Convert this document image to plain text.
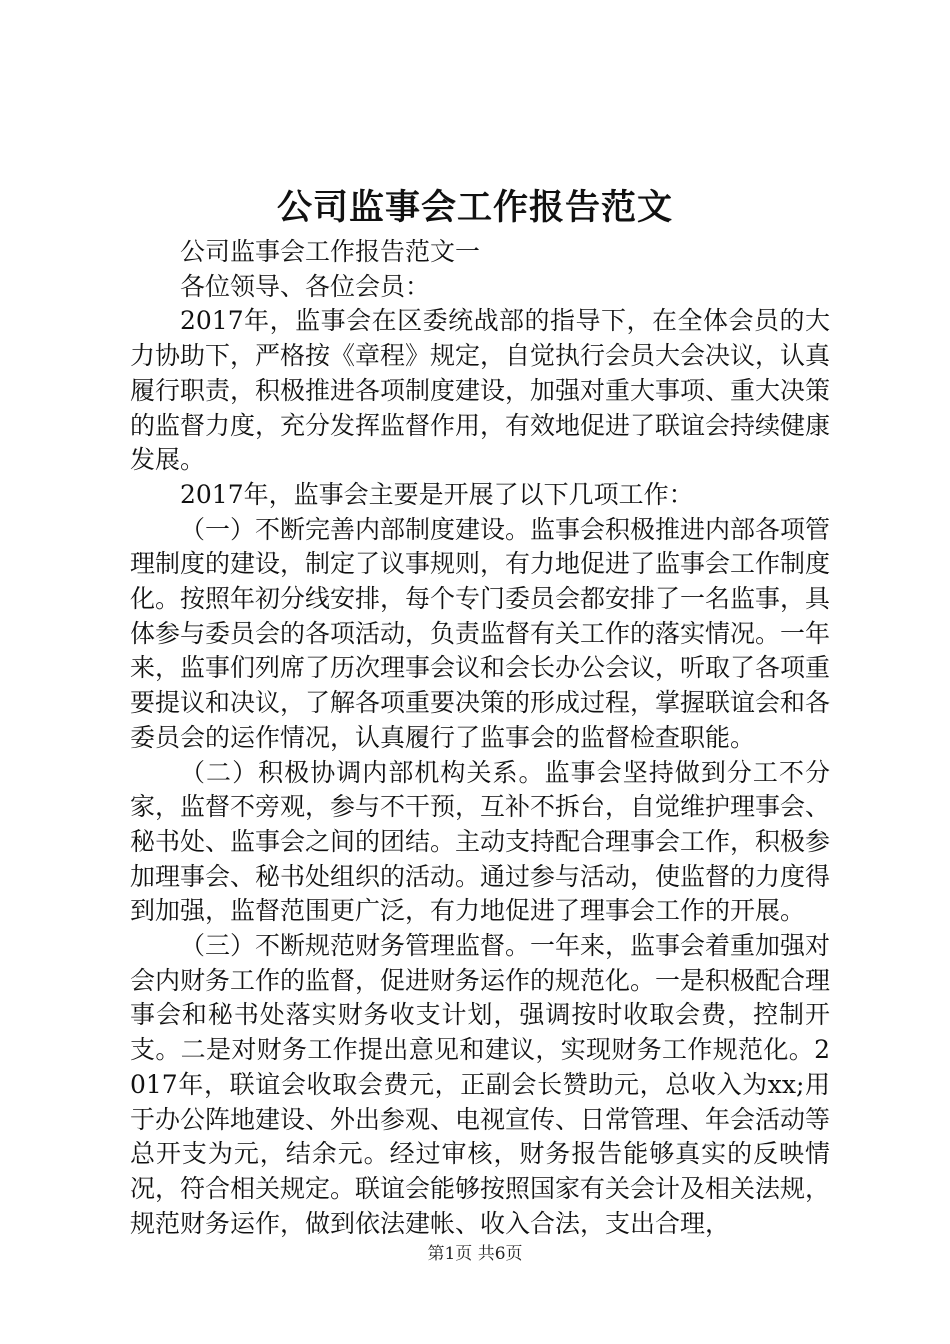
公司监事会工作报告范文

公司监事会工作报告范文一

各位领导、各位会员：

2017年，监事会在区委统战部的指导下，在全体会员的大力协助下，严格按《章程》规定，自觉执行会员大会决议，认真履行职责，积极推进各项制度建设，加强对重大事项、重大决策的监督力度，充分发挥监督作用，有效地促进了联谊会持续健康发展。

2017年，监事会主要是开展了以下几项工作：

（一）不断完善内部制度建设。监事会积极推进内部各项管理制度的建设，制定了议事规则，有力地促进了监事会工作制度化。按照年初分线安排，每个专门委员会都安排了一名监事，具体参与委员会的各项活动，负责监督有关工作的落实情况。一年来，监事们列席了历次理事会议和会长办公会议，听取了各项重要提议和决议，了解各项重要决策的形成过程，掌握联谊会和各委员会的运作情况，认真履行了监事会的监督检查职能。

（二）积极协调内部机构关系。监事会坚持做到分工不分家，监督不旁观，参与不干预，互补不拆台，自觉维护理事会、秘书处、监事会之间的团结。主动支持配合理事会工作，积极参加理事会、秘书处组织的活动。通过参与活动，使监督的力度得到加强，监督范围更广泛，有力地促进了理事会工作的开展。

（三）不断规范财务管理监督。一年来，监事会着重加强对会内财务工作的监督，促进财务运作的规范化。一是积极配合理事会和秘书处落实财务收支计划，强调按时收取会费，控制开支。二是对财务工作提出意见和建议，实现财务工作规范化。2017年，联谊会收取会费元，正副会长赞助元，总收入为xx;用于办公阵地建设、外出参观、电视宣传、日常管理、年会活动等总开支为元，结余元。经过审核，财务报告能够真实的反映情况，符合相关规定。联谊会能够按照国家有关会计及相关法规，规范财务运作，做到依法建帐、收入合法，支出合理，

第1页 共6页
